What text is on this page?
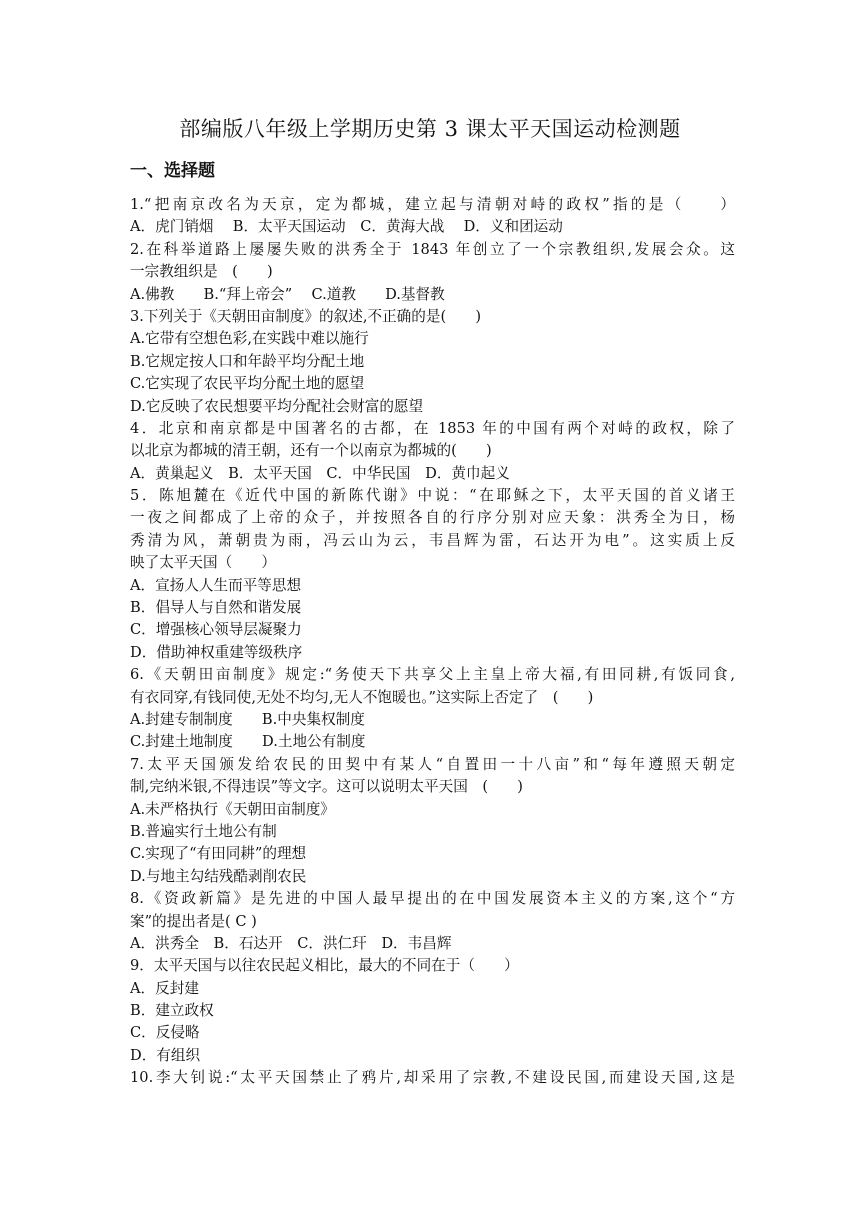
部编版八年级上学期历史第 3 课太平天国运动检测题
一、选择题
1.“把南京改名为天京，定为都城，建立起与清朝对峙的政权”指的是（　　）
A．虎门销烟　 B．太平天国运动　C．黄海大战　 D．义和团运动
2.在科举道路上屡屡失败的洪秀全于 1843 年创立了一个宗教组织,发展会众。这
一宗教组织是　(　　)
A.佛教　　B.“拜上帝会”　 C.道教　　D.基督教
3.下列关于《天朝田亩制度》的叙述,不正确的是(　　)
A.它带有空想色彩,在实践中难以施行
B.它规定按人口和年龄平均分配土地
C.它实现了农民平均分配土地的愿望
D.它反映了农民想要平均分配社会财富的愿望
4．北京和南京都是中国著名的古都，在 1853 年的中国有两个对峙的政权，除了
以北京为都城的清王朝，还有一个以南京为都城的(　　)
A．黄巢起义　B．太平天国　C．中华民国　D．黄巾起义
5．陈旭麓在《近代中国的新陈代谢》中说：“在耶稣之下，太平天国的首义诸王
一夜之间都成了上帝的众子，并按照各自的行序分别对应天象：洪秀全为日，杨
秀清为风，萧朝贵为雨，冯云山为云，韦昌辉为雷，石达开为电”。这实质上反
映了太平天国（　　）
A．宣扬人人生而平等思想
B．倡导人与自然和谐发展
C．增强核心领导层凝聚力
D．借助神权重建等级秩序
6.《天朝田亩制度》规定:“务使天下共享父上主皇上帝大福,有田同耕,有饭同食,
有衣同穿,有钱同使,无处不均匀,无人不饱暖也。”这实际上否定了　(　　)
A.封建专制制度　　B.中央集权制度
C.封建土地制度　　D.土地公有制度
7.太平天国颁发给农民的田契中有某人“自置田一十八亩”和“每年遵照天朝定
制,完纳米银,不得违误”等文字。这可以说明太平天国　(　　)
A.未严格执行《天朝田亩制度》
B.普遍实行土地公有制
C.实现了“有田同耕”的理想
D.与地主勾结残酷剥削农民
8.《资政新篇》是先进的中国人最早提出的在中国发展资本主义的方案,这个“方
案”的提出者是( C )
A．洪秀全　B．石达开　C．洪仁玕　D．韦昌辉
9．太平天国与以往农民起义相比，最大的不同在于（　　）
A．反封建
B．建立政权
C．反侵略
D．有组织
10.李大钊说:“太平天国禁止了鸦片,却采用了宗教,不建设民国,而建设天国,这是
